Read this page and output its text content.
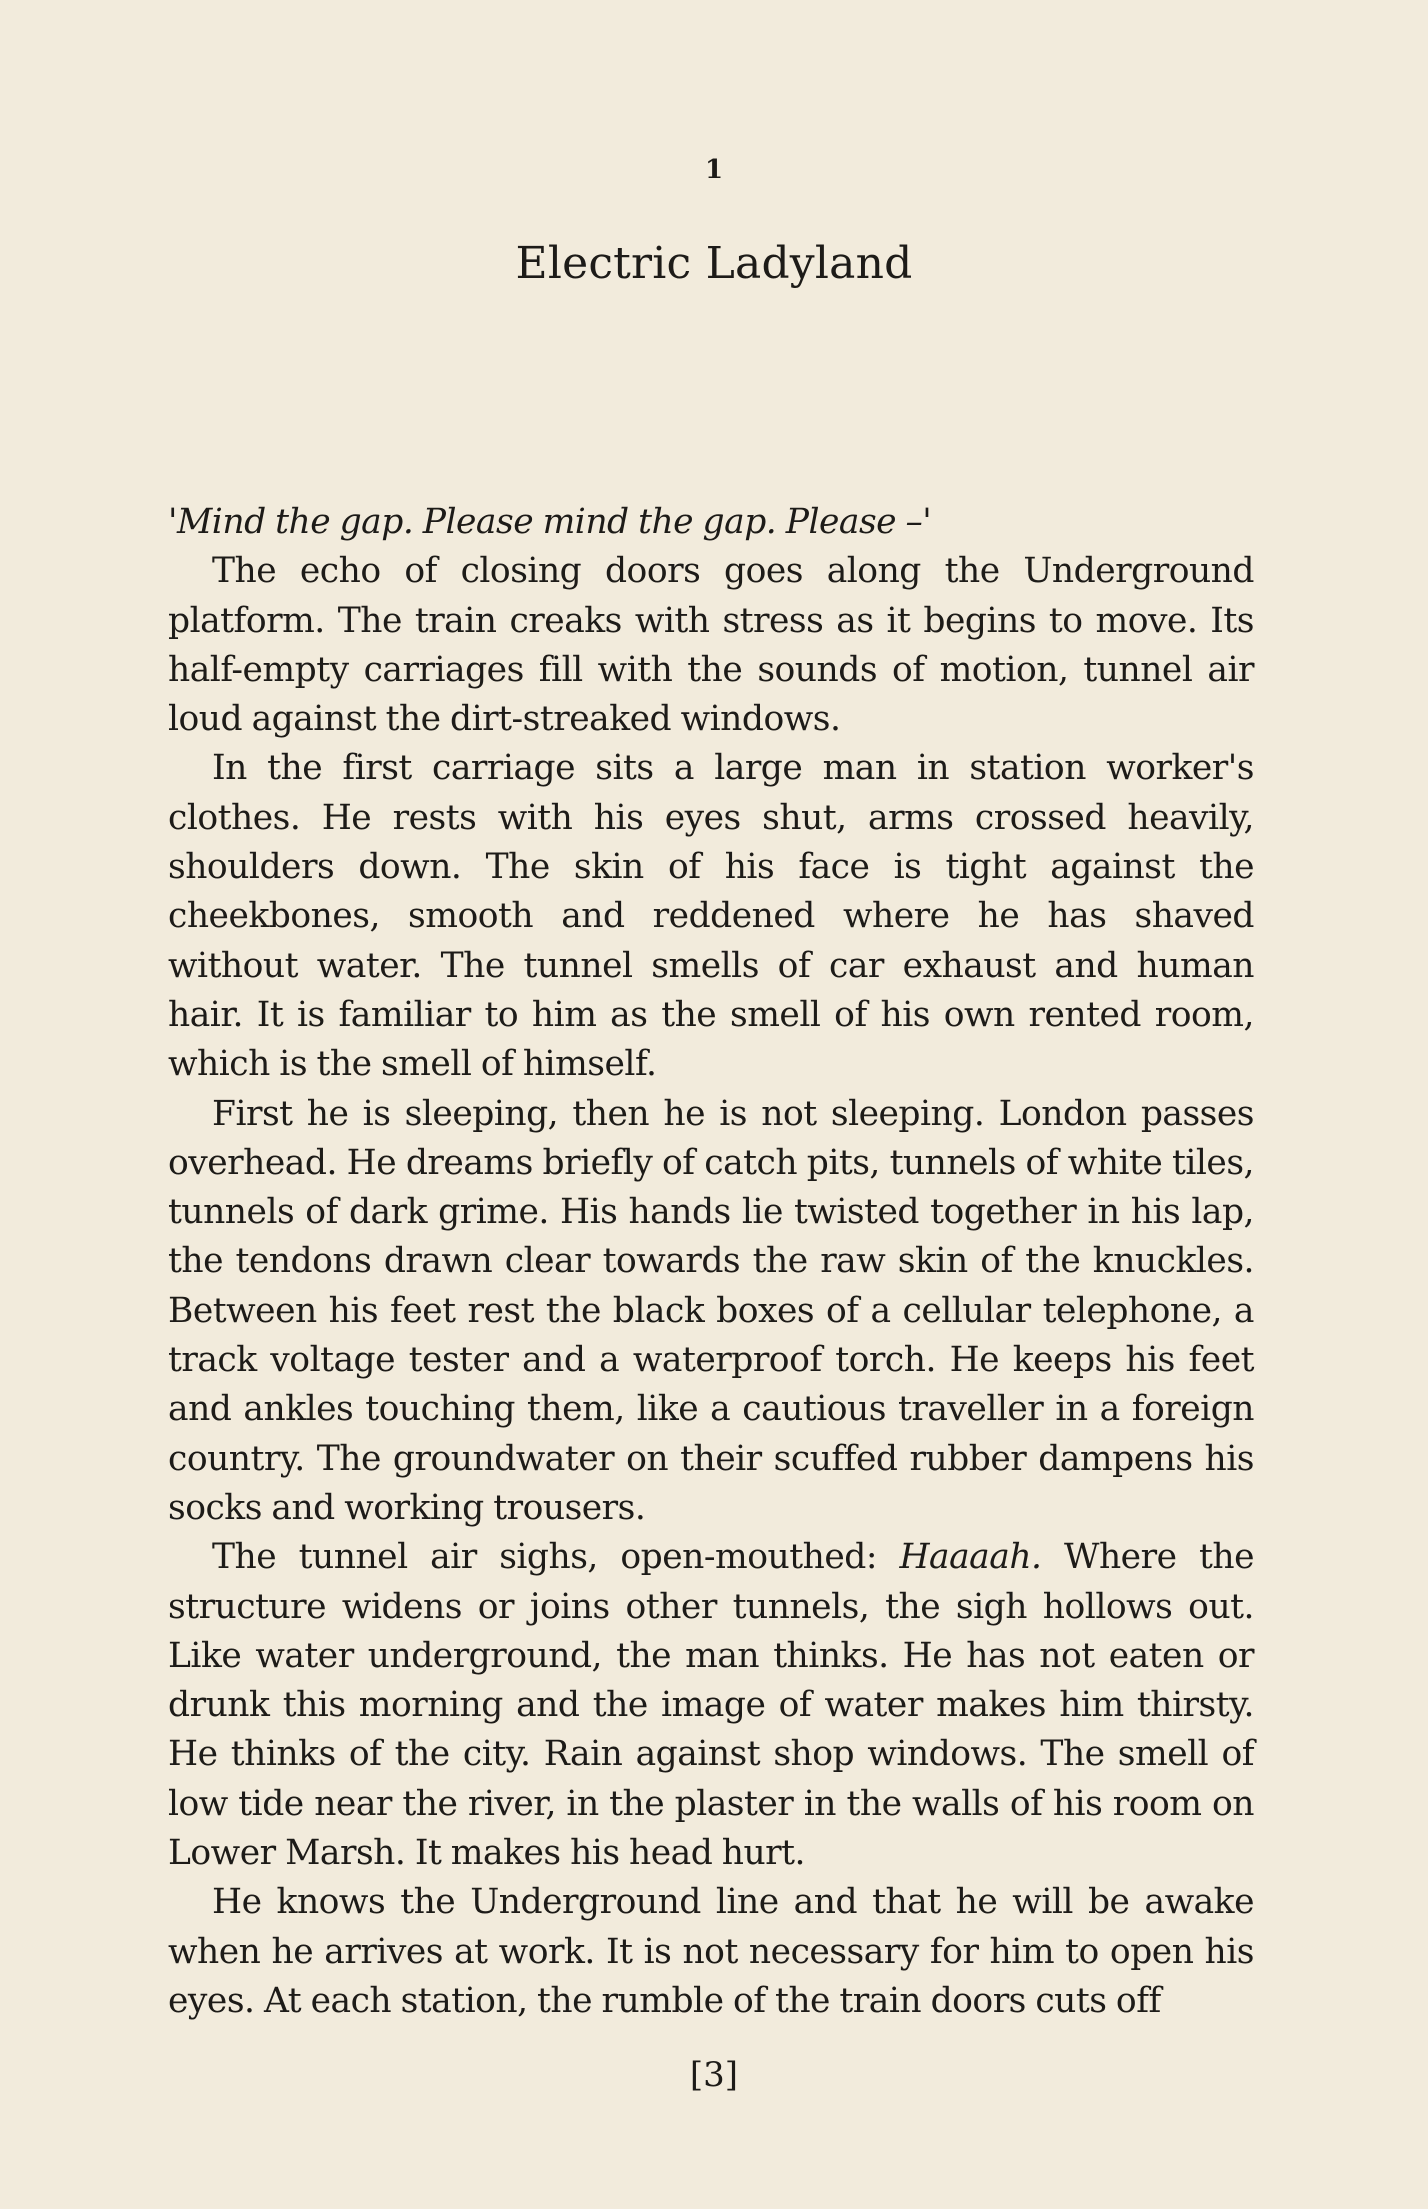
1
Electric Ladyland

'Mind the gap. Please mind the gap. Please –'

The echo of closing doors goes along the Underground platform. The train creaks with stress as it begins to move. Its half-empty carriages fill with the sounds of motion, tunnel air loud against the dirt-streaked windows.

In the first carriage sits a large man in station worker's clothes. He rests with his eyes shut, arms crossed heavily, shoulders down. The skin of his face is tight against the cheekbones, smooth and reddened where he has shaved without water. The tunnel smells of car exhaust and human hair. It is familiar to him as the smell of his own rented room, which is the smell of himself.

First he is sleeping, then he is not sleeping. London passes overhead. He dreams briefly of catch pits, tunnels of white tiles, tunnels of dark grime. His hands lie twisted together in his lap, the tendons drawn clear towards the raw skin of the knuckles. Between his feet rest the black boxes of a cellular telephone, a track voltage tester and a waterproof torch. He keeps his feet and ankles touching them, like a cautious traveller in a foreign country. The groundwater on their scuffed rubber dampens his socks and working trousers.

The tunnel air sighs, open-mouthed: Haaaah. Where the structure widens or joins other tunnels, the sigh hollows out. Like water underground, the man thinks. He has not eaten or drunk this morning and the image of water makes him thirsty. He thinks of the city. Rain against shop windows. The smell of low tide near the river, in the plaster in the walls of his room on Lower Marsh. It makes his head hurt.

He knows the Underground line and that he will be awake when he arrives at work. It is not necessary for him to open his eyes. At each station, the rumble of the train doors cuts off

[3]
